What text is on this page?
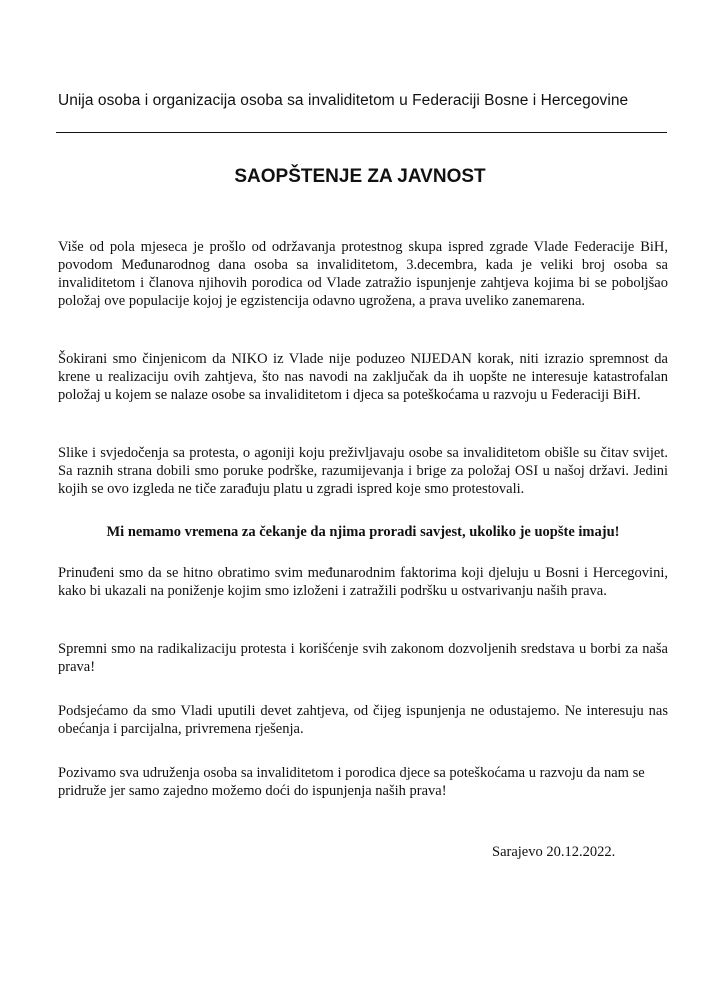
Unija osoba i organizacija osoba sa invaliditetom u Federaciji Bosne i Hercegovine
SAOPŠTENJE ZA JAVNOST

Više od pola mjeseca je prošlo od održavanja protestnog skupa ispred zgrade Vlade Federacije BiH, povodom Međunarodnog dana osoba sa invaliditetom, 3.decembra, kada je veliki broj osoba sa invaliditetom i članova njihovih porodica od Vlade zatražio ispunjenje zahtjeva kojima bi se poboljšao položaj ove populacije kojoj je egzistencija odavno ugrožena, a prava uveliko zanemarena.

Šokirani smo činjenicom da NIKO iz Vlade nije poduzeo NIJEDAN korak, niti izrazio spremnost da krene u realizaciju ovih zahtjeva, što nas navodi na zaključak da ih uopšte ne interesuje katastrofalan položaj u kojem se nalaze osobe sa invaliditetom i djeca sa poteškoćama u razvoju u Federaciji BiH.

Slike i svjedočenja sa protesta, o agoniji koju preživljavaju osobe sa invaliditetom obišle su čitav svijet. Sa raznih strana dobili smo poruke podrške, razumijevanja i brige za položaj OSI u našoj državi. Jedini kojih se ovo izgleda ne tiče zarađuju platu u zgradi ispred koje smo protestovali.

Mi nemamo vremena za čekanje da njima proradi savjest, ukoliko je uopšte imaju!

Prinuđeni smo da se hitno obratimo svim međunarodnim faktorima koji djeluju u Bosni i Hercegovini, kako bi ukazali na poniženje kojim smo izloženi i zatražili podršku u ostvarivanju naših prava.

Spremni smo na radikalizaciju protesta i korišćenje svih zakonom dozvoljenih sredstava u borbi za naša prava!

Podsjećamo da smo Vladi uputili devet zahtjeva, od čijeg ispunjenja ne odustajemo. Ne interesuju nas obećanja i parcijalna, privremena rješenja.

Pozivamo sva udruženja osoba sa invaliditetom i porodica djece sa poteškoćama u razvoju da nam se pridruže jer samo zajedno možemo doći do ispunjenja naših prava!

Sarajevo 20.12.2022.
